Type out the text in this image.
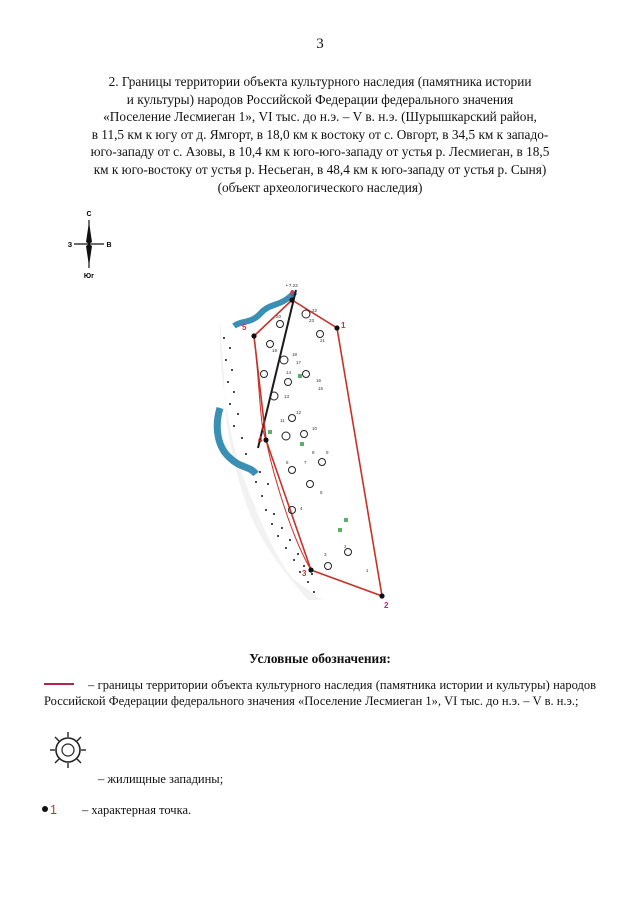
3
2. Границы территории объекта культурного наследия (памятника истории
и культуры) народов Российской Федерации федерального значения
«Поселение Лесмиеган 1», VI тыс. до н.э. – V в. н.э. (Шурышкарский район,
в 11,5 км к югу от д. Ямгорт, в 18,0 км к востоку от с. Овгорт, в 34,5 км к западо-
юго-западу от с. Азовы, в 10,4 км к юго-юго-западу от устья р. Лесмиеган, в 18,5
км к юго-востоку от устья р. Несьеган, в 48,4 км к юго-западу от устья р. Сыня)
(объект археологического наследия)
С
З	В
Юг
23
22
20
21
19
18
17
16
15
14
13
12
11
10
9
8
7
6
5
4
3
2
1
• 7.23
1
2
3
4
5
6
Условные обозначения:
– границы территории объекта культурного наследия (памятника истории и культуры) народов Российской Федерации федерального значения «Поселение Лесмиеган 1», VI тыс. до н.э. – V в. н.э.;
– жилищные западины;
1 – характерная точка.
